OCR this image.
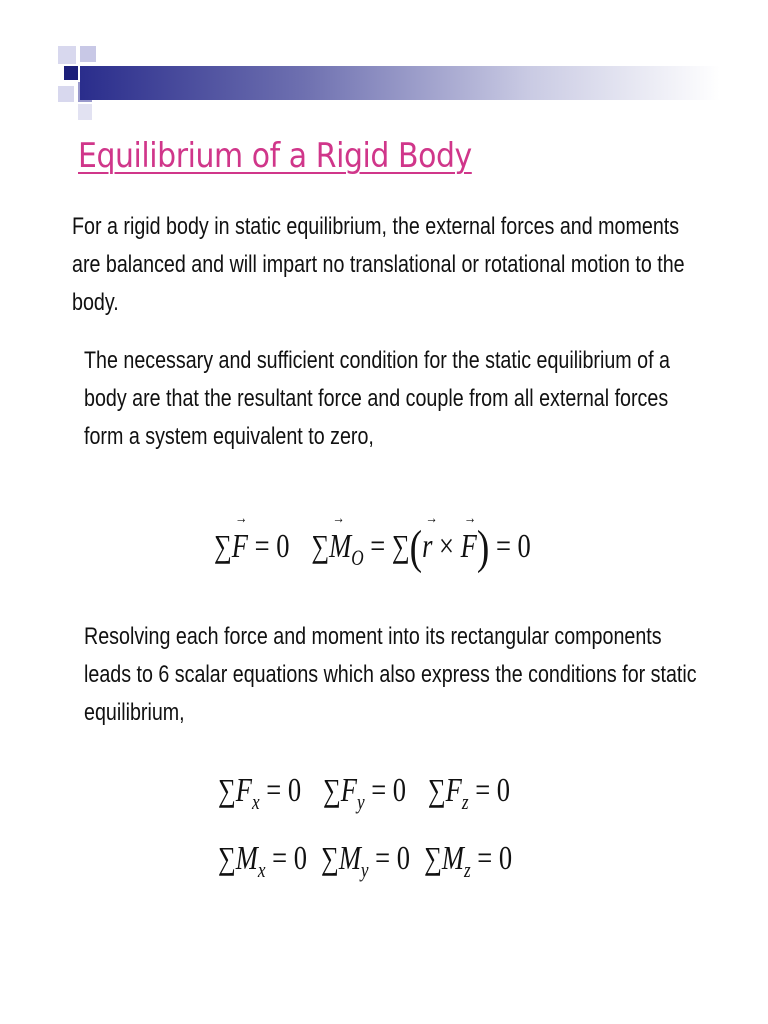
Equilibrium of a Rigid Body
For a rigid body in static equilibrium, the external forces and moments are balanced and will impart no translational or rotational motion to the body.
The necessary and sufficient condition for the static equilibrium of a body are that the resultant force and couple from all external forces form a system equivalent to zero,
∑→ F = 0 ∑→ $M_O$ = ∑(→ r × → F) = 0
Resolving each force and moment into its rectangular components leads to 6 scalar equations which also express the conditions for static equilibrium,
$\sum F_x = 0$ $\sum F_y = 0$ $\sum F_z = 0$
$\sum M_x = 0$ $\sum M_y = 0$ $\sum M_z = 0$
